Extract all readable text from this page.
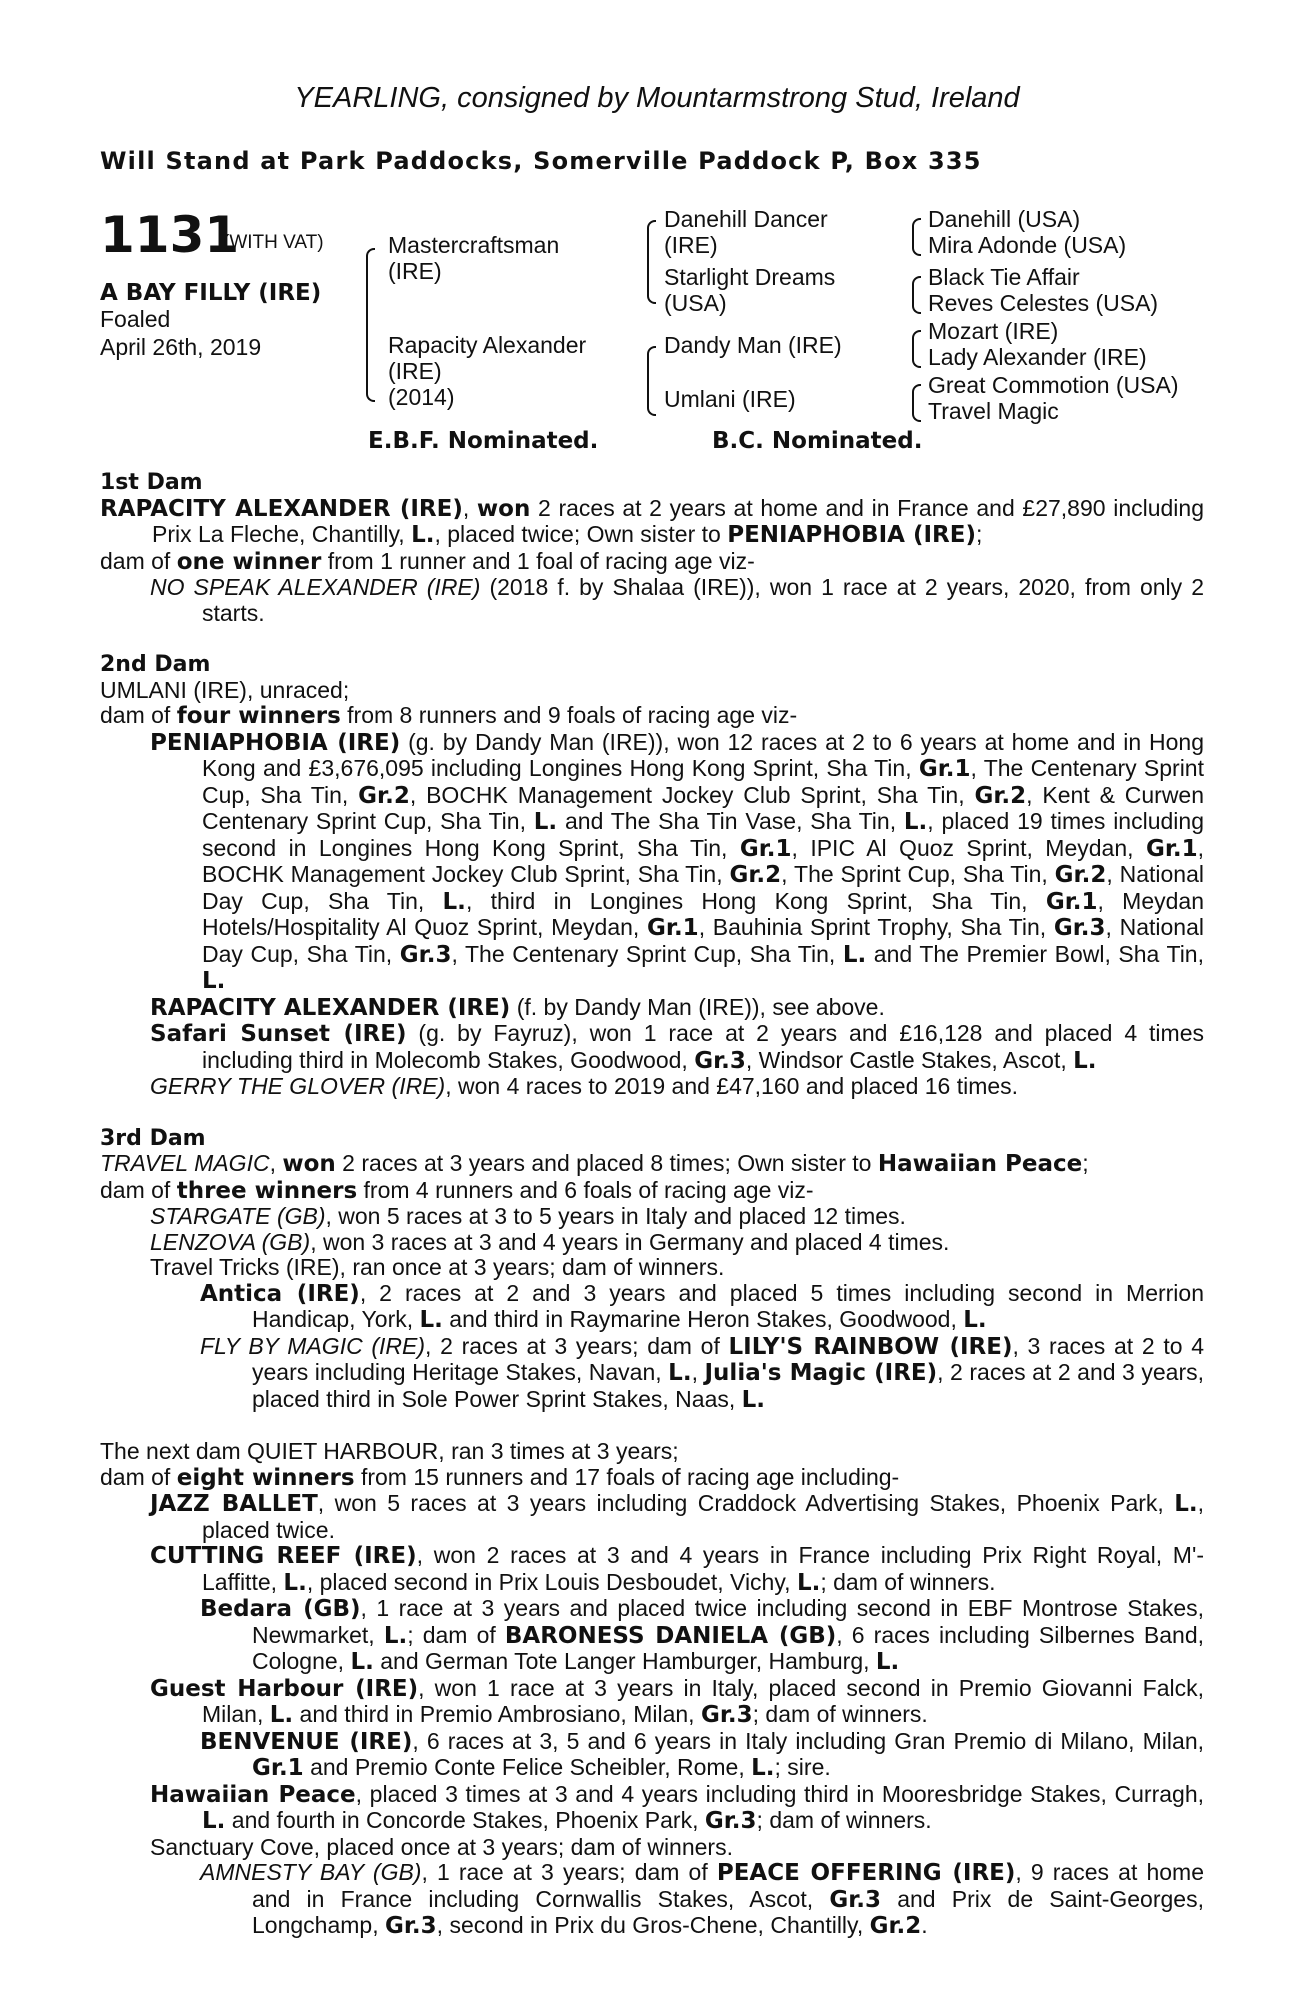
YEARLING, consigned by Mountarmstrong Stud, Ireland
Will Stand at Park Paddocks, Somerville Paddock P, Box 335
1131
(WITH VAT)
A BAY FILLY (IRE)
Foaled
April 26th, 2019
Mastercraftsman
(IRE)
Rapacity Alexander
(IRE)
(2014)
Danehill Dancer
(IRE)
Starlight Dreams
(USA)
Dandy Man (IRE)
Umlani (IRE)
Danehill (USA)
Mira Adonde (USA)
Black Tie Affair
Reves Celestes (USA)
Mozart (IRE)
Lady Alexander (IRE)
Great Commotion (USA)
Travel Magic
E.B.F. Nominated.	B.C. Nominated.
1st Dam
RAPACITY ALEXANDER (IRE), won 2 races at 2 years at home and in France and £27,890 including Prix La Fleche, Chantilly, L., placed twice; Own sister to PENIAPHOBIA (IRE);
dam of one winner from 1 runner and 1 foal of racing age viz-
NO SPEAK ALEXANDER (IRE) (2018 f. by Shalaa (IRE)), won 1 race at 2 years, 2020, from only 2 starts.
2nd Dam
UMLANI (IRE), unraced;
dam of four winners from 8 runners and 9 foals of racing age viz-
PENIAPHOBIA (IRE) (g. by Dandy Man (IRE)), won 12 races at 2 to 6 years at home and in Hong Kong and £3,676,095 including Longines Hong Kong Sprint, Sha Tin, Gr.1, The Centenary Sprint Cup, Sha Tin, Gr.2, BOCHK Management Jockey Club Sprint, Sha Tin, Gr.2, Kent & Curwen Centenary Sprint Cup, Sha Tin, L. and The Sha Tin Vase, Sha Tin, L., placed 19 times including second in Longines Hong Kong Sprint, Sha Tin, Gr.1, IPIC Al Quoz Sprint, Meydan, Gr.1, BOCHK Management Jockey Club Sprint, Sha Tin, Gr.2, The Sprint Cup, Sha Tin, Gr.2, National Day Cup, Sha Tin, L., third in Longines Hong Kong Sprint, Sha Tin, Gr.1, Meydan Hotels/Hospitality Al Quoz Sprint, Meydan, Gr.1, Bauhinia Sprint Trophy, Sha Tin, Gr.3, National Day Cup, Sha Tin, Gr.3, The Centenary Sprint Cup, Sha Tin, L. and The Premier Bowl, Sha Tin, L.
RAPACITY ALEXANDER (IRE) (f. by Dandy Man (IRE)), see above.
Safari Sunset (IRE) (g. by Fayruz), won 1 race at 2 years and £16,128 and placed 4 times including third in Molecomb Stakes, Goodwood, Gr.3, Windsor Castle Stakes, Ascot, L.
GERRY THE GLOVER (IRE), won 4 races to 2019 and £47,160 and placed 16 times.
3rd Dam
TRAVEL MAGIC, won 2 races at 3 years and placed 8 times; Own sister to Hawaiian Peace;
dam of three winners from 4 runners and 6 foals of racing age viz-
STARGATE (GB), won 5 races at 3 to 5 years in Italy and placed 12 times.
LENZOVA (GB), won 3 races at 3 and 4 years in Germany and placed 4 times.
Travel Tricks (IRE), ran once at 3 years; dam of winners.
Antica (IRE), 2 races at 2 and 3 years and placed 5 times including second in Merrion Handicap, York, L. and third in Raymarine Heron Stakes, Goodwood, L.
FLY BY MAGIC (IRE), 2 races at 3 years; dam of LILY'S RAINBOW (IRE), 3 races at 2 to 4 years including Heritage Stakes, Navan, L., Julia's Magic (IRE), 2 races at 2 and 3 years, placed third in Sole Power Sprint Stakes, Naas, L.
The next dam QUIET HARBOUR, ran 3 times at 3 years;
dam of eight winners from 15 runners and 17 foals of racing age including-
JAZZ BALLET, won 5 races at 3 years including Craddock Advertising Stakes, Phoenix Park, L., placed twice.
CUTTING REEF (IRE), won 2 races at 3 and 4 years in France including Prix Right Royal, M'-Laffitte, L., placed second in Prix Louis Desboudet, Vichy, L.; dam of winners.
Bedara (GB), 1 race at 3 years and placed twice including second in EBF Montrose Stakes, Newmarket, L.; dam of BARONESS DANIELA (GB), 6 races including Silbernes Band, Cologne, L. and German Tote Langer Hamburger, Hamburg, L.
Guest Harbour (IRE), won 1 race at 3 years in Italy, placed second in Premio Giovanni Falck, Milan, L. and third in Premio Ambrosiano, Milan, Gr.3; dam of winners.
BENVENUE (IRE), 6 races at 3, 5 and 6 years in Italy including Gran Premio di Milano, Milan, Gr.1 and Premio Conte Felice Scheibler, Rome, L.; sire.
Hawaiian Peace, placed 3 times at 3 and 4 years including third in Mooresbridge Stakes, Curragh, L. and fourth in Concorde Stakes, Phoenix Park, Gr.3; dam of winners.
Sanctuary Cove, placed once at 3 years; dam of winners.
AMNESTY BAY (GB), 1 race at 3 years; dam of PEACE OFFERING (IRE), 9 races at home and in France including Cornwallis Stakes, Ascot, Gr.3 and Prix de Saint-Georges, Longchamp, Gr.3, second in Prix du Gros-Chene, Chantilly, Gr.2.
